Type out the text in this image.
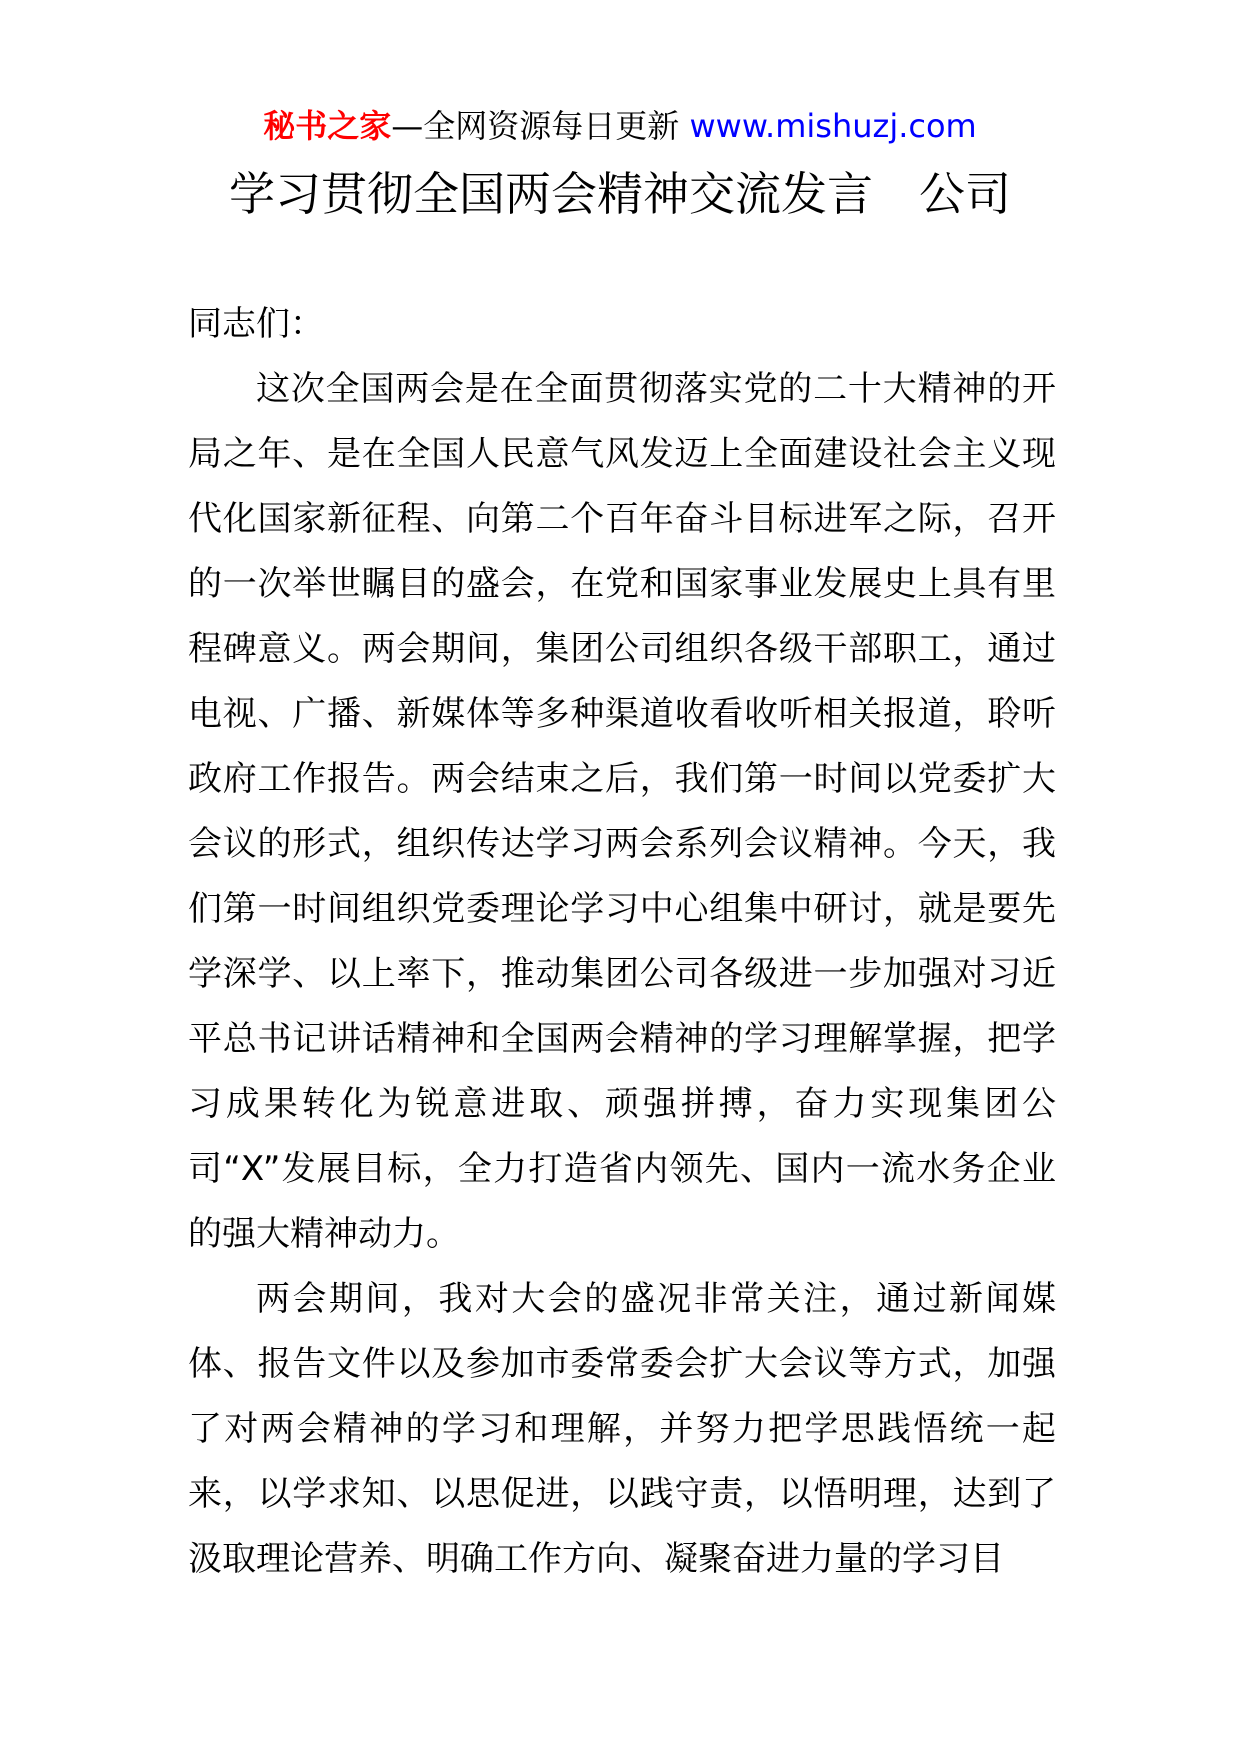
秘书之家—全网资源每日更新 www.mishuzj.com
学习贯彻全国两会精神交流发言 公司

同志们：

这次全国两会是在全面贯彻落实党的二十大精神的开局之年、是在全国人民意气风发迈上全面建设社会主义现代化国家新征程、向第二个百年奋斗目标进军之际，召开的一次举世瞩目的盛会，在党和国家事业发展史上具有里程碑意义。两会期间，集团公司组织各级干部职工，通过电视、广播、新媒体等多种渠道收看收听相关报道，聆听政府工作报告。两会结束之后，我们第一时间以党委扩大会议的形式，组织传达学习两会系列会议精神。今天，我们第一时间组织党委理论学习中心组集中研讨，就是要先学深学、以上率下，推动集团公司各级进一步加强对习近平总书记讲话精神和全国两会精神的学习理解掌握，把学习成果转化为锐意进取、顽强拼搏，奋力实现集团公司“X”发展目标，全力打造省内领先、国内一流水务企业的强大精神动力。

两会期间，我对大会的盛况非常关注，通过新闻媒体、报告文件以及参加市委常委会扩大会议等方式，加强了对两会精神的学习和理解，并努力把学思践悟统一起来，以学求知、以思促进，以践守责，以悟明理，达到了汲取理论营养、明确工作方向、凝聚奋进力量的学习目
